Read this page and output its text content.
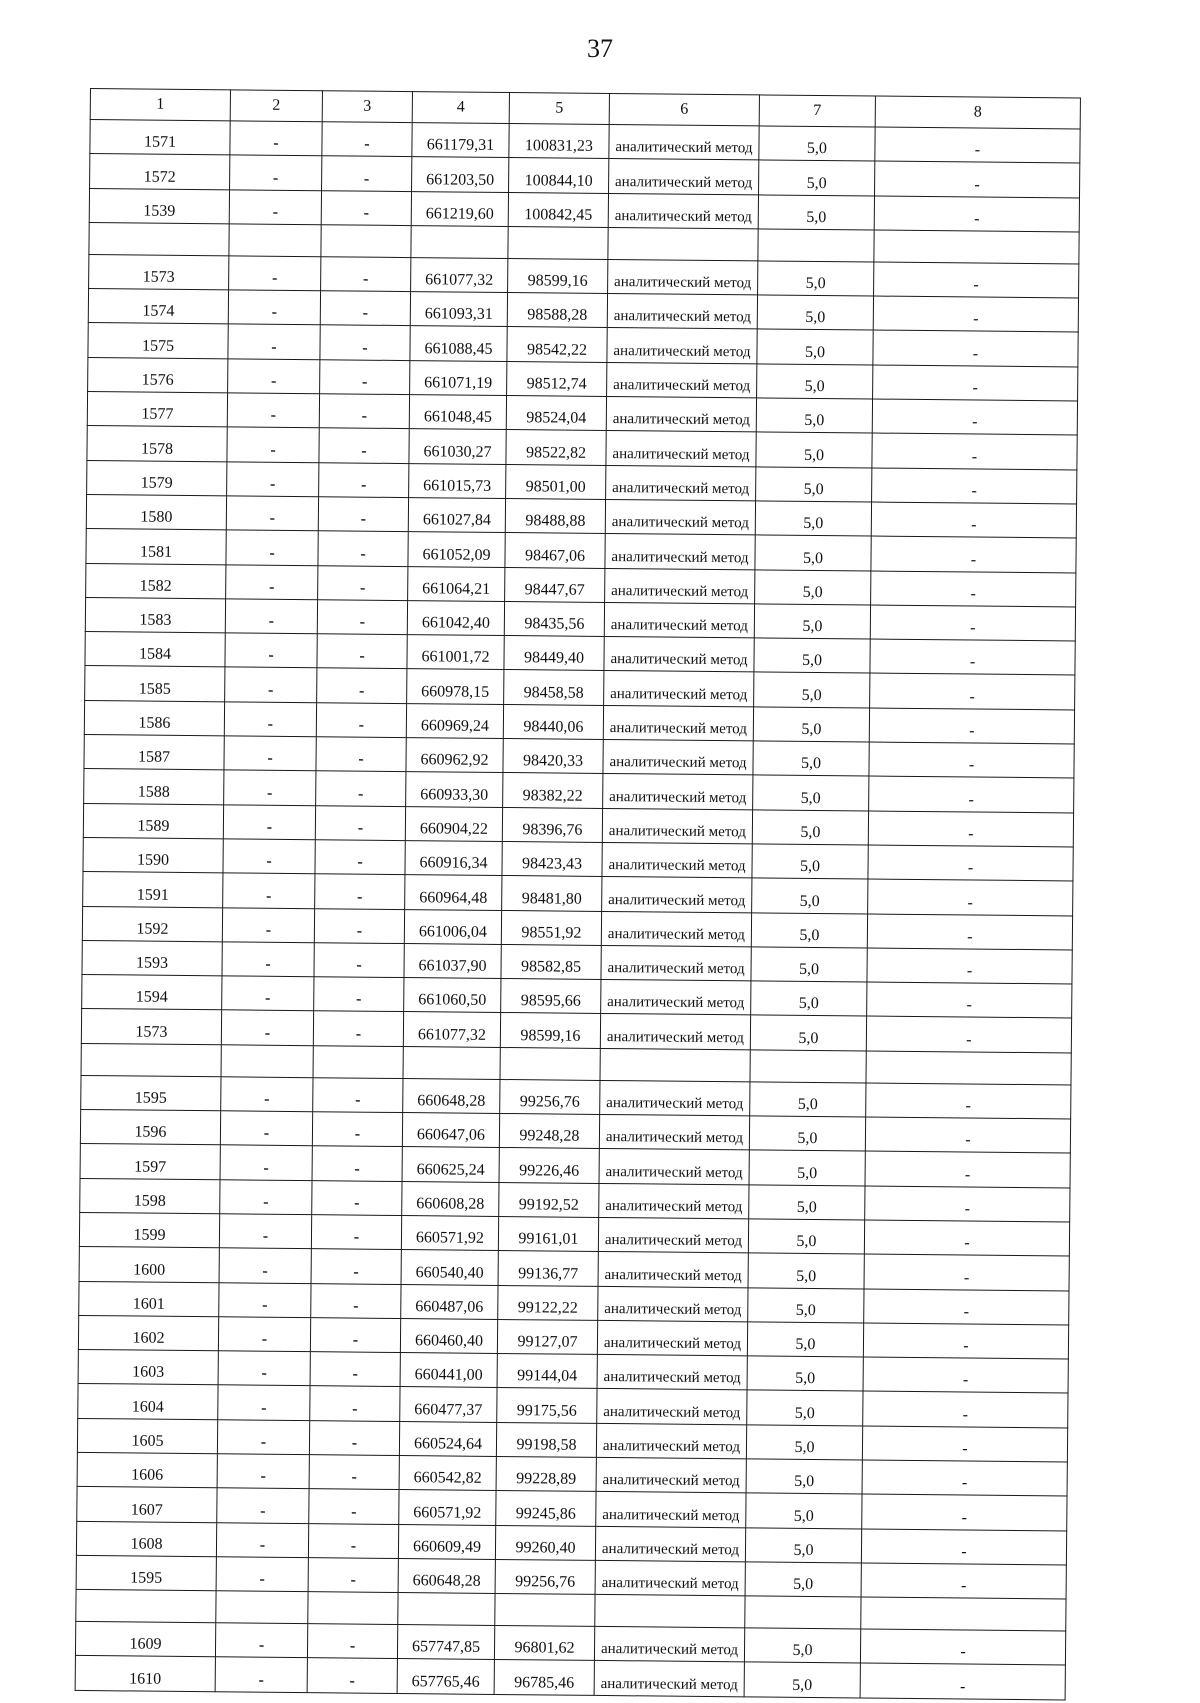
37
1	2	3	4	5	6	7	8
1571	-	-	661179,31	100831,23	аналитический метод	5,0	-
1572	-	-	661203,50	100844,10	аналитический метод	5,0	-
1539	-	-	661219,60	100842,45	аналитический метод	5,0	-

1573	-	-	661077,32	98599,16	аналитический метод	5,0	-
1574	-	-	661093,31	98588,28	аналитический метод	5,0	-
1575	-	-	661088,45	98542,22	аналитический метод	5,0	-
1576	-	-	661071,19	98512,74	аналитический метод	5,0	-
1577	-	-	661048,45	98524,04	аналитический метод	5,0	-
1578	-	-	661030,27	98522,82	аналитический метод	5,0	-
1579	-	-	661015,73	98501,00	аналитический метод	5,0	-
1580	-	-	661027,84	98488,88	аналитический метод	5,0	-
1581	-	-	661052,09	98467,06	аналитический метод	5,0	-
1582	-	-	661064,21	98447,67	аналитический метод	5,0	-
1583	-	-	661042,40	98435,56	аналитический метод	5,0	-
1584	-	-	661001,72	98449,40	аналитический метод	5,0	-
1585	-	-	660978,15	98458,58	аналитический метод	5,0	-
1586	-	-	660969,24	98440,06	аналитический метод	5,0	-
1587	-	-	660962,92	98420,33	аналитический метод	5,0	-
1588	-	-	660933,30	98382,22	аналитический метод	5,0	-
1589	-	-	660904,22	98396,76	аналитический метод	5,0	-
1590	-	-	660916,34	98423,43	аналитический метод	5,0	-
1591	-	-	660964,48	98481,80	аналитический метод	5,0	-
1592	-	-	661006,04	98551,92	аналитический метод	5,0	-
1593	-	-	661037,90	98582,85	аналитический метод	5,0	-
1594	-	-	661060,50	98595,66	аналитический метод	5,0	-
1573	-	-	661077,32	98599,16	аналитический метод	5,0	-

1595	-	-	660648,28	99256,76	аналитический метод	5,0	-
1596	-	-	660647,06	99248,28	аналитический метод	5,0	-
1597	-	-	660625,24	99226,46	аналитический метод	5,0	-
1598	-	-	660608,28	99192,52	аналитический метод	5,0	-
1599	-	-	660571,92	99161,01	аналитический метод	5,0	-
1600	-	-	660540,40	99136,77	аналитический метод	5,0	-
1601	-	-	660487,06	99122,22	аналитический метод	5,0	-
1602	-	-	660460,40	99127,07	аналитический метод	5,0	-
1603	-	-	660441,00	99144,04	аналитический метод	5,0	-
1604	-	-	660477,37	99175,56	аналитический метод	5,0	-
1605	-	-	660524,64	99198,58	аналитический метод	5,0	-
1606	-	-	660542,82	99228,89	аналитический метод	5,0	-
1607	-	-	660571,92	99245,86	аналитический метод	5,0	-
1608	-	-	660609,49	99260,40	аналитический метод	5,0	-
1595	-	-	660648,28	99256,76	аналитический метод	5,0	-

1609	-	-	657747,85	96801,62	аналитический метод	5,0	-
1610	-	-	657765,46	96785,46	аналитический метод	5,0	-
